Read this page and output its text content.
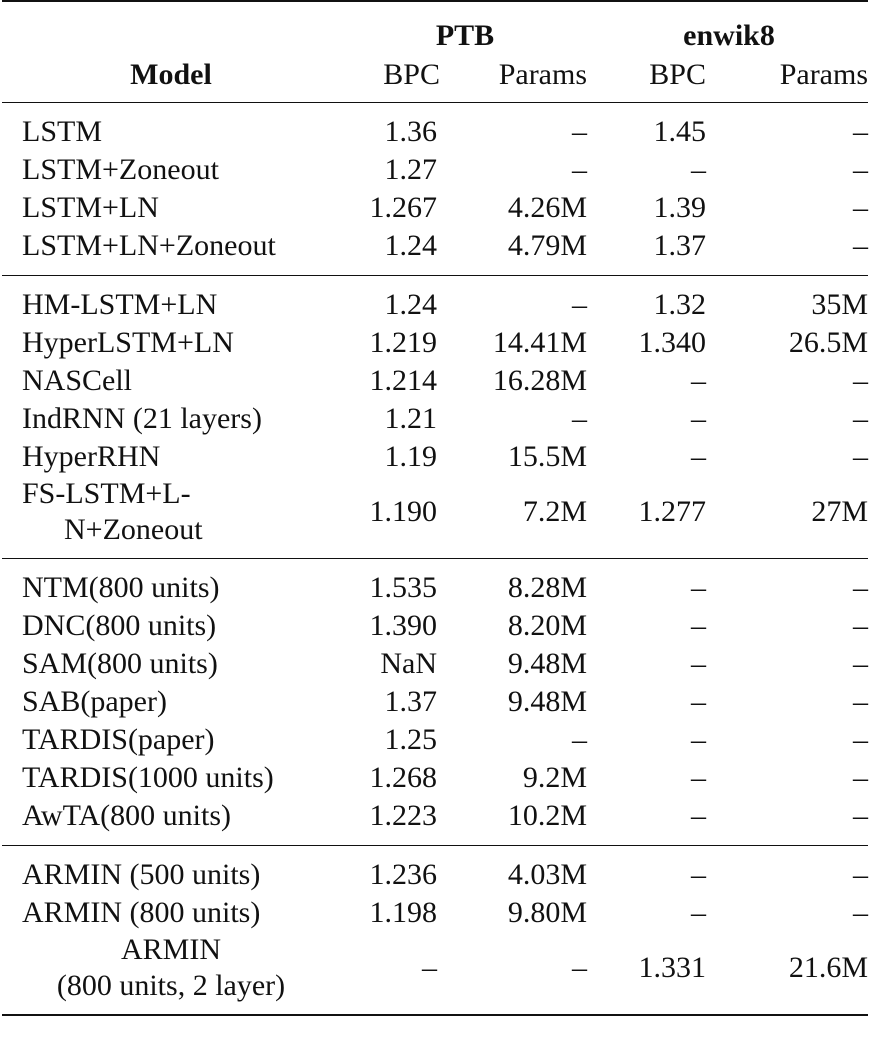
	PTB		enwik8	
Model	BPC	Params	BPC	Params
LSTM	1.36	–	1.45	–
LSTM+Zoneout	1.27	–	–	–
LSTM+LN	1.267	4.26M	1.39	–
LSTM+LN+Zoneout	1.24	4.79M	1.37	–
HM-LSTM+LN	1.24	–	1.32	35M
HyperLSTM+LN	1.219	14.41M	1.340	26.5M
NASCell	1.214	16.28M	–	–
IndRNN (21 layers)	1.21	–	–	–
HyperRHN	1.19	15.5M	–	–

FS-LSTM+L-
N+Zoneout	1.190	7.2M	1.277	27M
NTM(800 units)	1.535	8.28M	–	–
DNC(800 units)	1.390	8.20M	–	–
SAM(800 units)	NaN	9.48M	–	–
SAB(paper)	1.37	9.48M	–	–
TARDIS(paper)	1.25	–	–	–
TARDIS(1000 units)	1.268	9.2M	–	–
AwTA(800 units)	1.223	10.2M	–	–
ARMIN (500 units)	1.236	4.03M	–	–
ARMIN (800 units)	1.198	9.80M	–	–

ARMIN
(800 units, 2 layer)	–	–	1.331	21.6M
